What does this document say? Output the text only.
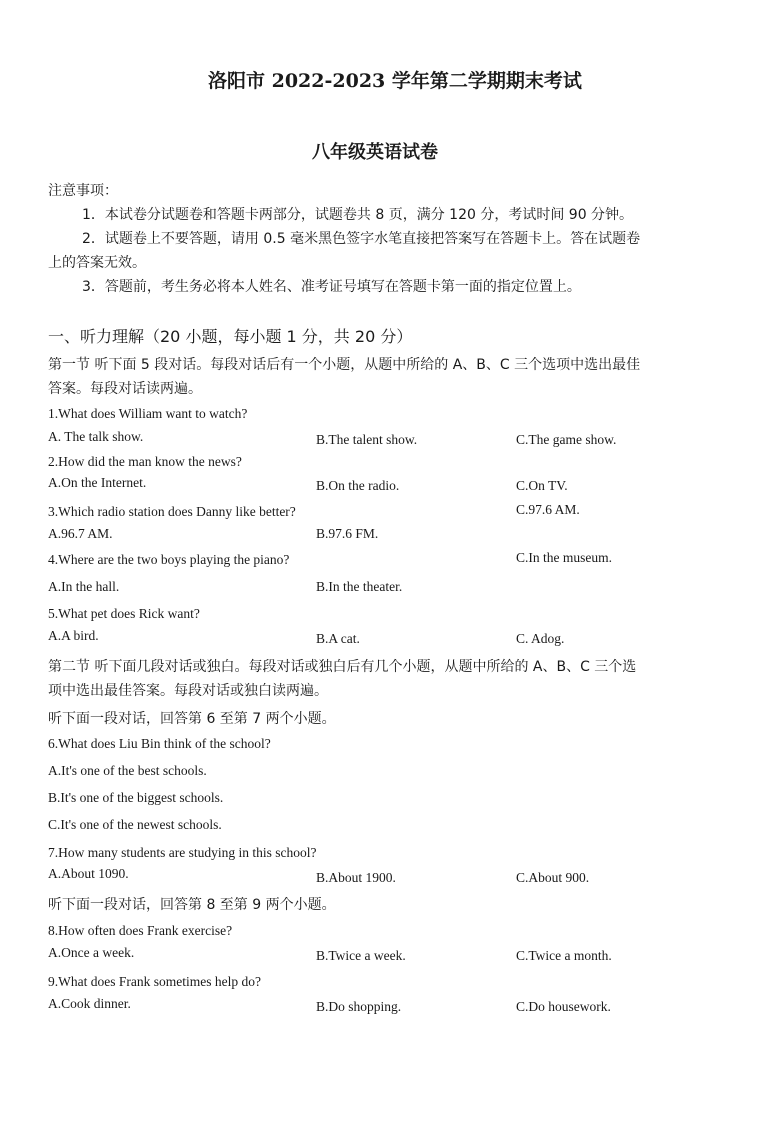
洛阳市 2022-2023 学年第二学期期末考试
八年级英语试卷
注意事项：
1．本试卷分试题卷和答题卡两部分，试题卷共 8 页，满分 120 分，考试时间 90 分钟。
2．试题卷上不要答题，请用 0.5 毫米黑色签字水笔直接把答案写在答题卡上。答在试题卷
上的答案无效。
3．答题前，考生务必将本人姓名、准考证号填写在答题卡第一面的指定位置上。
一、听力理解（20 小题，每小题 1 分，共 20 分）
第一节 听下面 5 段对话。每段对话后有一个小题，从题中所给的 A、B、C 三个选项中选出最佳
答案。每段对话读两遍。
1.What does William want to watch?
A. The talk show.	B.The talent show.	C.The game show.
2.How did the man know the news?
A.On the Internet.	B.On the radio.	C.On TV.
3.Which radio station does Danny like better?	C.97.6 AM.
A.96.7 AM.	B.97.6 FM.
4.Where are the two boys playing the piano?	C.In the museum.
A.In the hall.	B.In the theater.
5.What pet does Rick want?
A.A bird.	B.A cat.	C. Adog.
第二节 听下面几段对话或独白。每段对话或独白后有几个小题，从题中所给的 A、B、C 三个选
项中选出最佳答案。每段对话或独白读两遍。
听下面一段对话，回答第 6 至第 7 两个小题。
6.What does Liu Bin think of the school?
A.It's one of the best schools.
B.It's one of the biggest schools.
C.It's one of the newest schools.
7.How many students are studying in this school?
A.About 1090.	B.About 1900.	C.About 900.
听下面一段对话，回答第 8 至第 9 两个小题。
8.How often does Frank exercise?
A.Once a week.	B.Twice a week.	C.Twice a month.
9.What does Frank sometimes help do?
A.Cook dinner.	B.Do shopping.	C.Do housework.
